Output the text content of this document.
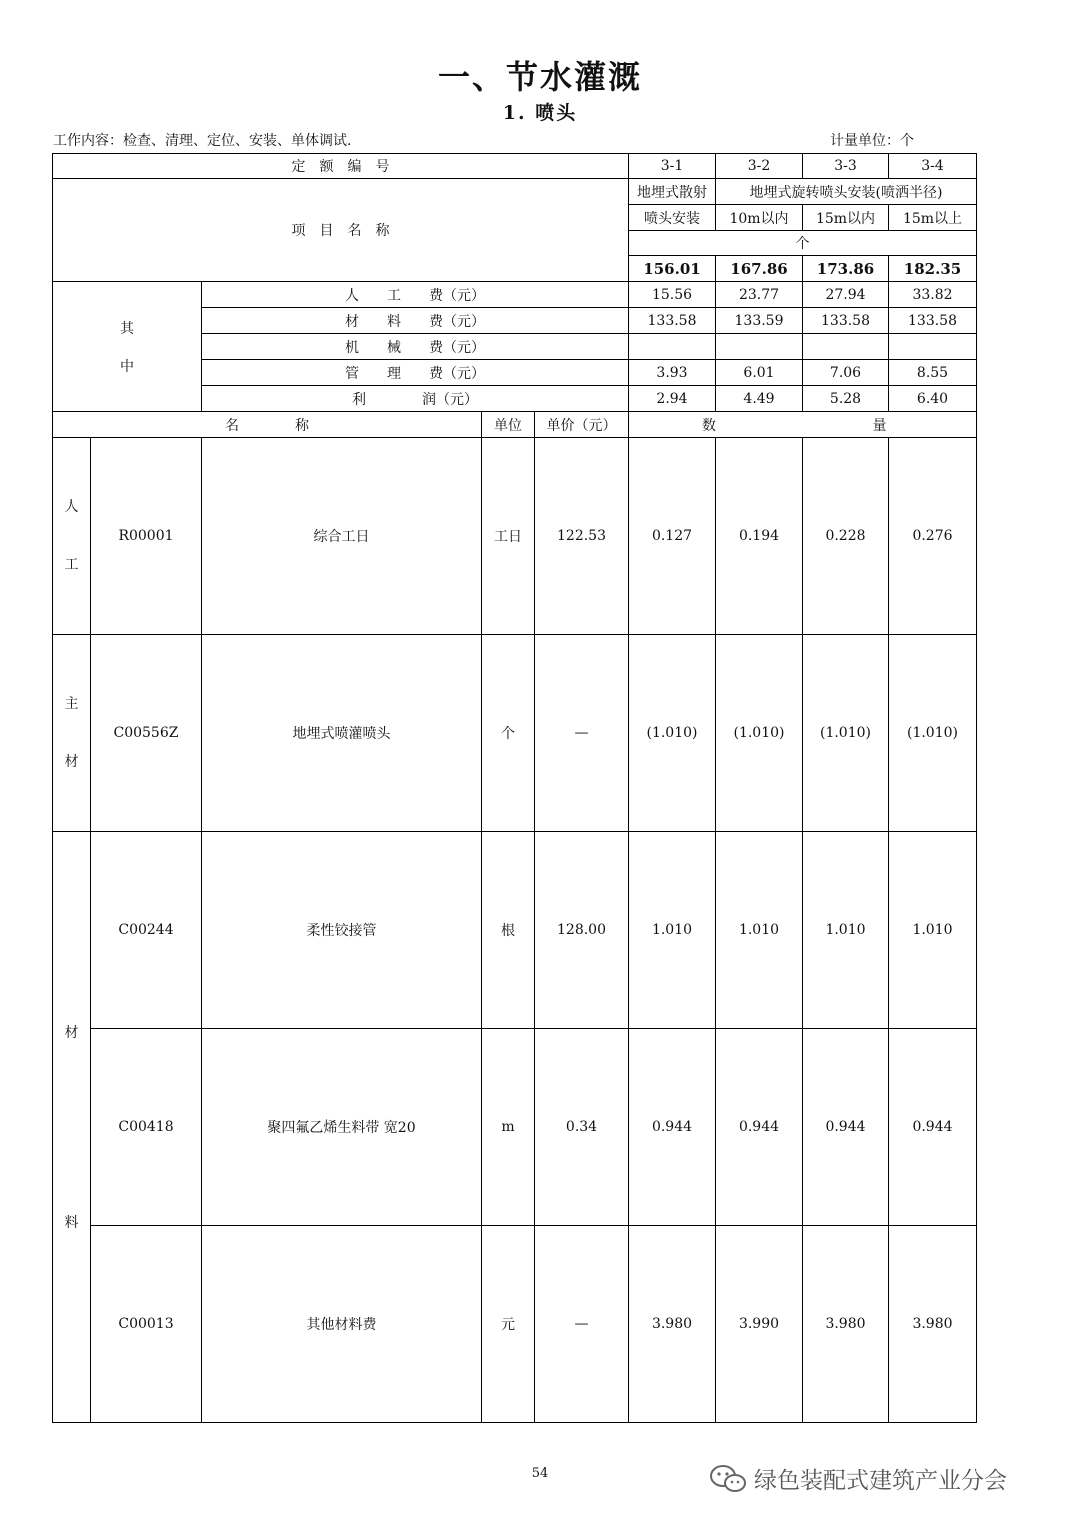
一、节水灌溉
1. 喷头
工作内容：检查、清理、定位、安装、单体调试.	计量单位：个
定　额　编　号					3-1	3-2	3-3	3-4
项　目　名　称					地埋式散射	地埋式旋转喷头安装(喷洒半径)		
					喷头安装	10m以内	15m以内	15m以上
					个			
					156.01	167.86	173.86	182.35

其
中		人　　工　　费（元）			15.56	23.77	27.94	33.82
		材　　料　　费（元）			133.58	133.59	133.58	133.58
		机　　械　　费（元）						
		管　　理　　费（元）			3.93	6.01	7.06	8.55
		利　　　　润（元）			2.94	4.49	5.28	6.40
名　　　　称			单位	单价（元）	数 量			

人
工	R00001	综合工日	工日	122.53	0.127	0.194	0.228	0.276

主
材	C00556Z	地埋式喷灌喷头	个	—	(1.010)	(1.010)	(1.010)	(1.010)

材
料	C00244	柔性铰接管	根	128.00	1.010	1.010	1.010	1.010
	C00418	聚四氟乙烯生料带 宽20	m	0.34	0.944	0.944	0.944	0.944
	C00013	其他材料费	元	—	3.980	3.990	3.980	3.980
54	绿色装配式建筑产业分会
